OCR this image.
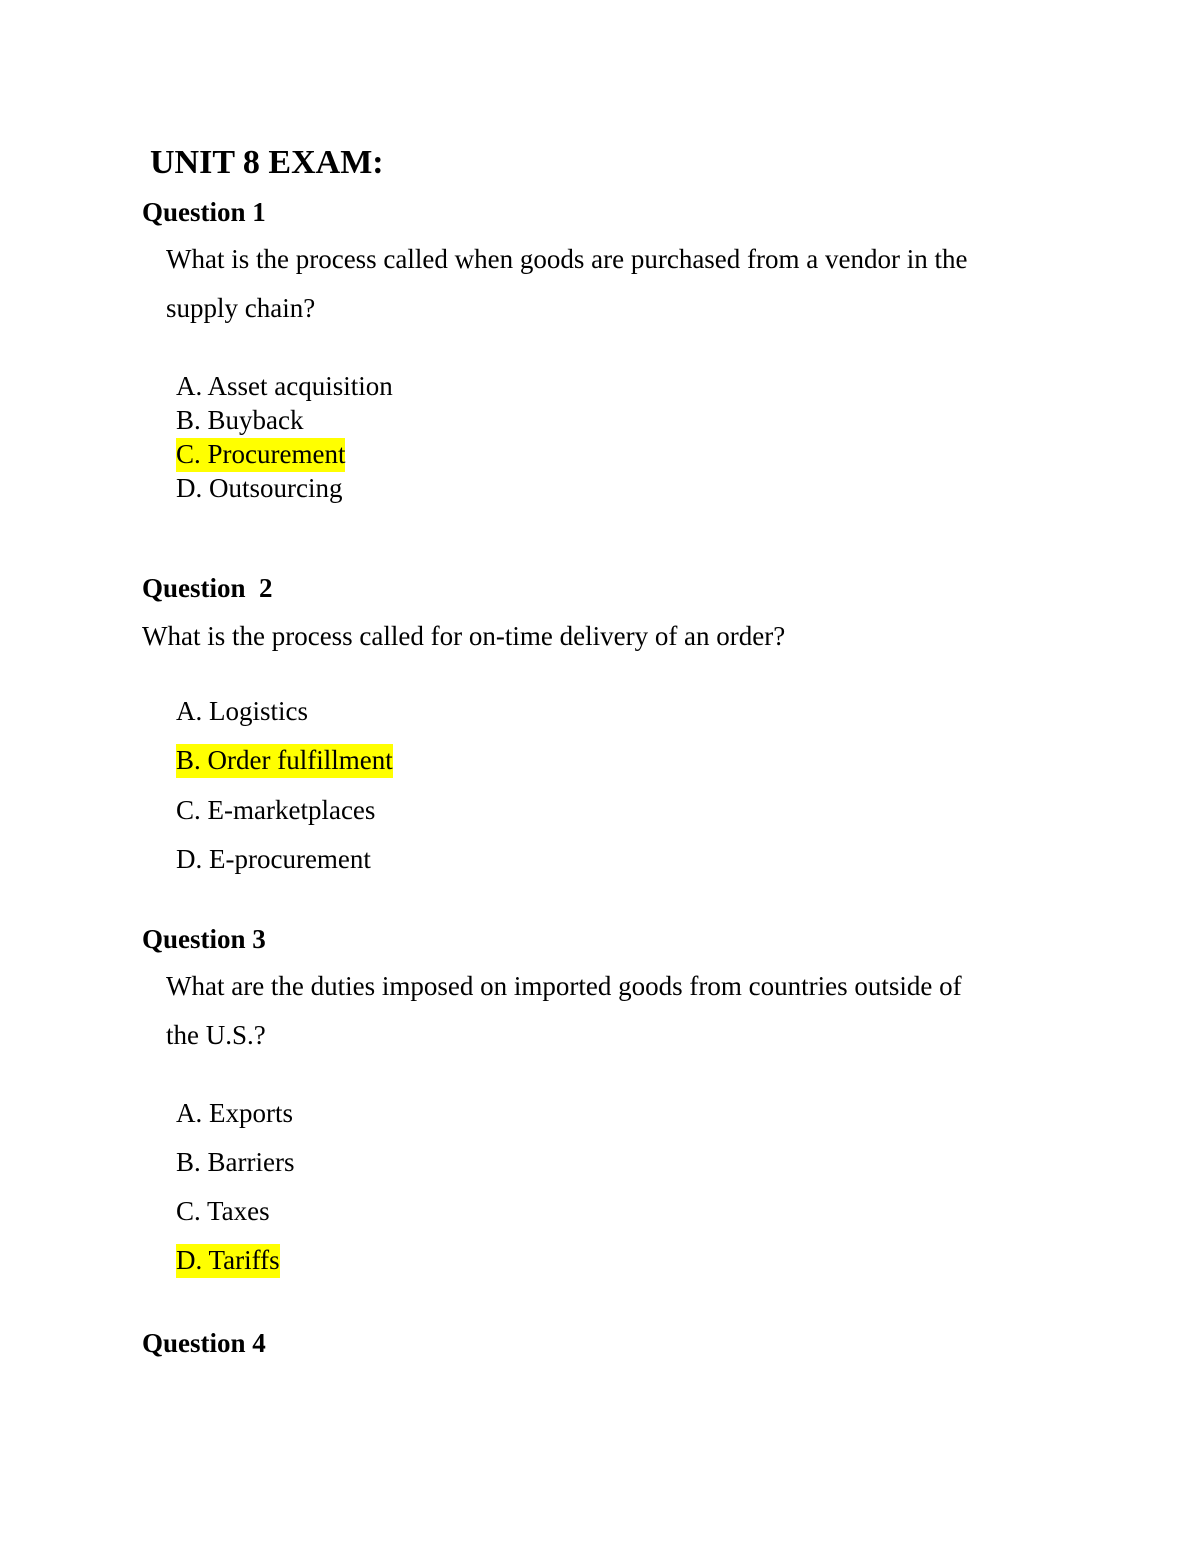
UNIT 8 EXAM:
Question 1
What is the process called when goods are purchased from a vendor in the
supply chain?
A. Asset acquisition
B. Buyback
C. Procurement
D. Outsourcing
Question  2
What is the process called for on-time delivery of an order?
A. Logistics
B. Order fulfillment
C. E-marketplaces
D. E-procurement
Question 3
What are the duties imposed on imported goods from countries outside of
the U.S.?
A. Exports
B. Barriers
C. Taxes
D. Tariffs
Question 4
